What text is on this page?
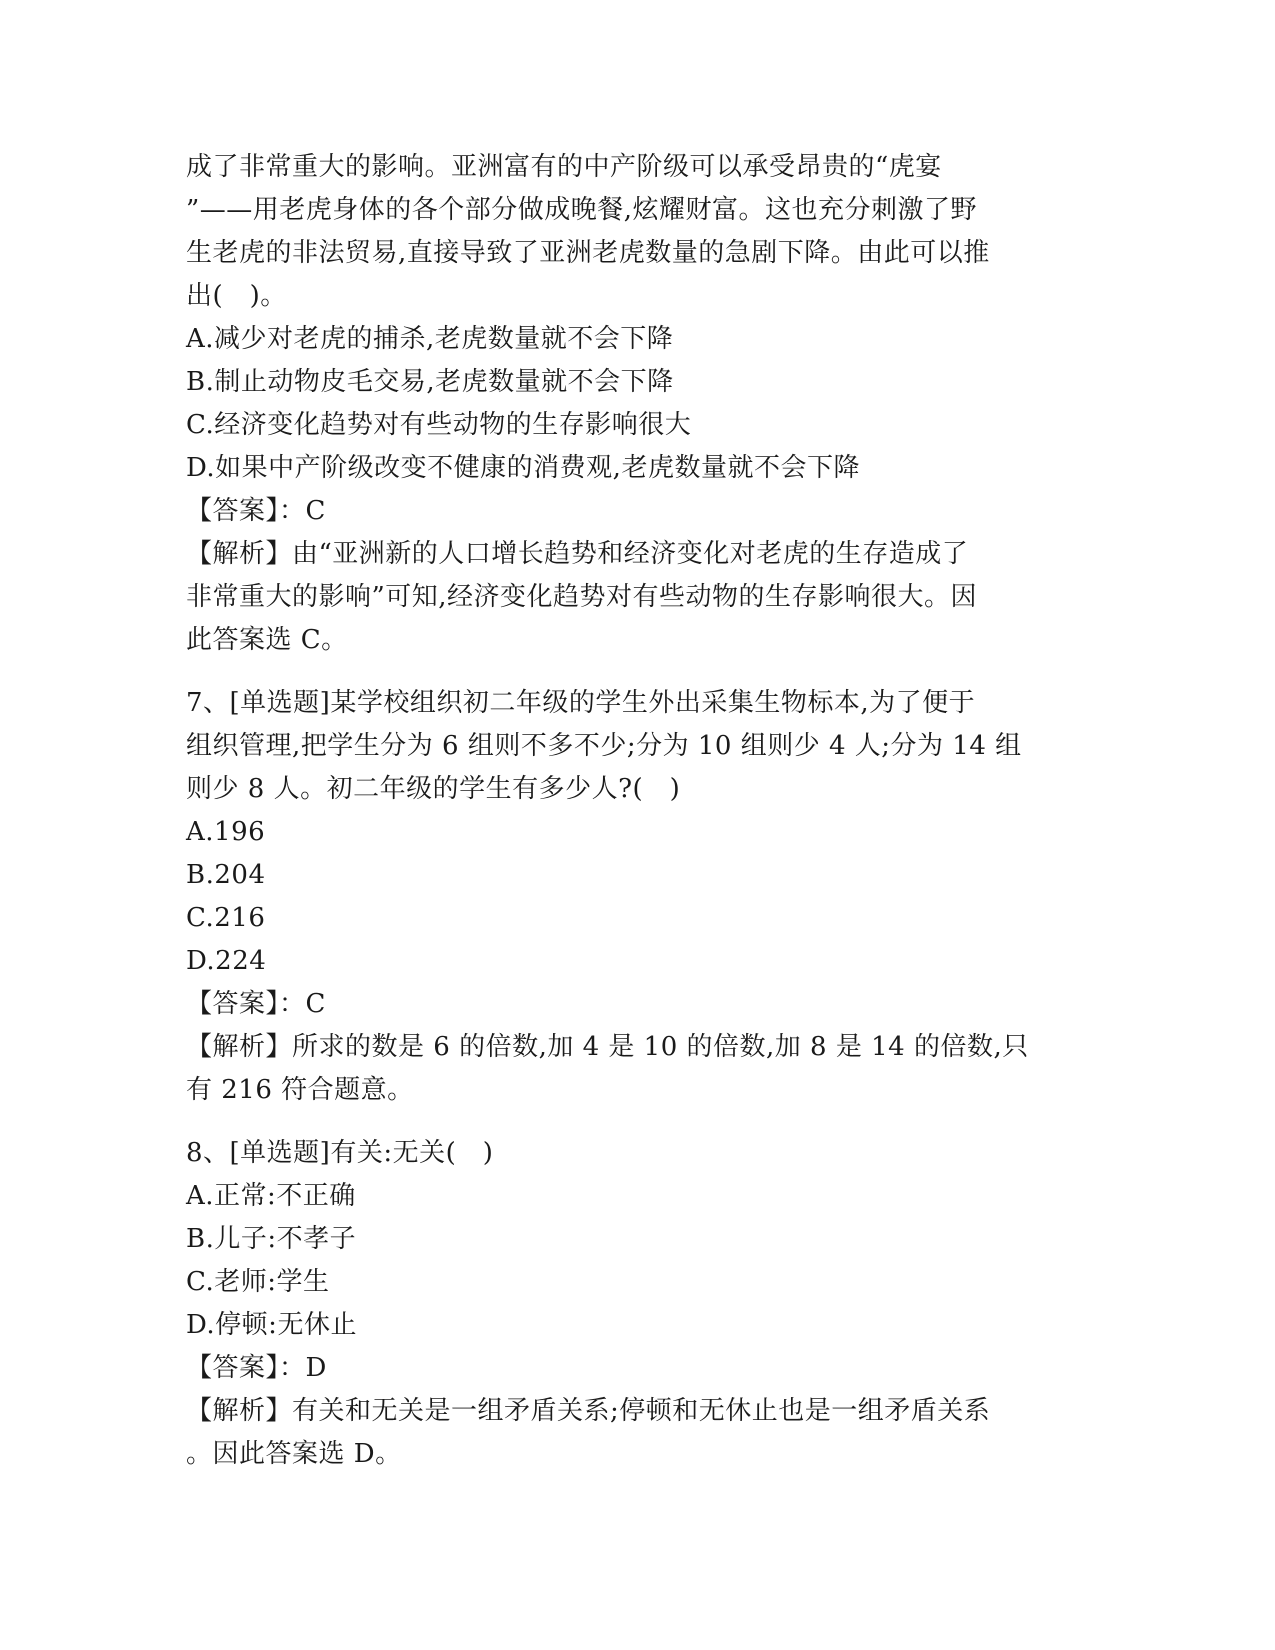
成了非常重大的影响。亚洲富有的中产阶级可以承受昂贵的“虎宴
”——用老虎身体的各个部分做成晚餐,炫耀财富。这也充分刺激了野
生老虎的非法贸易,直接导致了亚洲老虎数量的急剧下降。由此可以推
出(　)。
A.减少对老虎的捕杀,老虎数量就不会下降
B.制止动物皮毛交易,老虎数量就不会下降
C.经济变化趋势对有些动物的生存影响很大
D.如果中产阶级改变不健康的消费观,老虎数量就不会下降
【答案】：C
【解析】由“亚洲新的人口增长趋势和经济变化对老虎的生存造成了
非常重大的影响”可知,经济变化趋势对有些动物的生存影响很大。因
此答案选 C。
7、[单选题]某学校组织初二年级的学生外出采集生物标本,为了便于
组织管理,把学生分为 6 组则不多不少;分为 10 组则少 4 人;分为 14 组
则少 8 人。初二年级的学生有多少人?(　)
A.196
B.204
C.216
D.224
【答案】：C
【解析】所求的数是 6 的倍数,加 4 是 10 的倍数,加 8 是 14 的倍数,只
有 216 符合题意。
8、[单选题]有关:无关(　)
A.正常:不正确
B.儿子:不孝子
C.老师:学生
D.停顿:无休止
【答案】：D
【解析】有关和无关是一组矛盾关系;停顿和无休止也是一组矛盾关系
。因此答案选 D。
